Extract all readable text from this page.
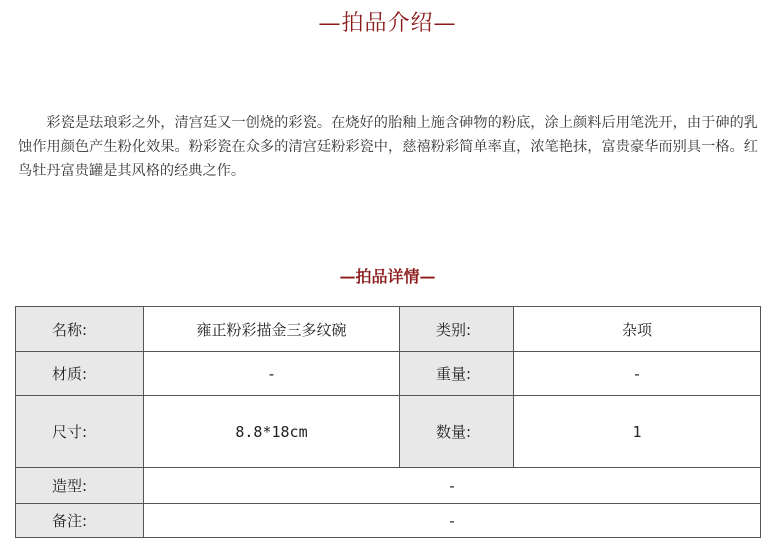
—拍品介绍—

彩瓷是珐琅彩之外，清宫廷又一创烧的彩瓷。在烧好的胎釉上施含砷物的粉底，涂上颜料后用笔洗开，由于砷的乳蚀作用颜色产生粉化效果。粉彩瓷在众多的清宫廷粉彩瓷中，慈禧粉彩简单率直，浓笔艳抹，富贵豪华而别具一格。红鸟牡丹富贵罐是其风格的经典之作。

—拍品详情—
名称:	雍正粉彩描金三多纹碗	类别:	杂项
材质:	-	重量:	-
尺寸:	8.8*18cm	数量:	1
造型:	-		
备注:	-		
